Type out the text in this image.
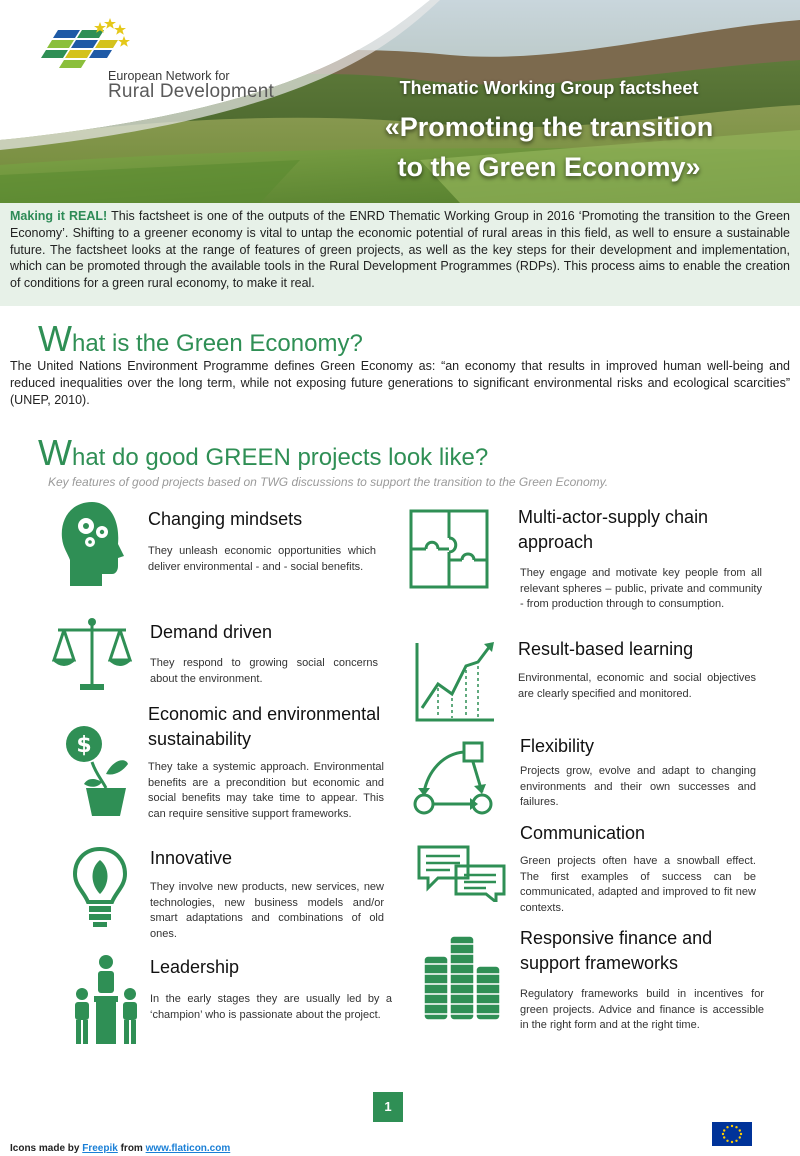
European Network for
Rural Development	Thematic Working Group factsheet
«Promoting the transition
to the Green Economy»
Making it REAL! This factsheet is one of the outputs of the ENRD Thematic Working Group in 2016 ‘Promoting the transition to the Green Economy’. Shifting to a greener economy is vital to untap the economic potential of rural areas in this field, as well to ensure a sustainable future. The factsheet looks at the range of features of green projects, as well as the key steps for their development and implementation, which can be promoted through the available tools in the Rural Development Programmes (RDPs). This process aims to enable the creation of conditions for a green rural economy, to make it real.
What is the Green Economy?
The United Nations Environment Programme defines Green Economy as: “an economy that results in improved human well-being and reduced inequalities over the long term, while not exposing future generations to significant environmental risks and ecological scarcities” (UNEP, 2010).
What do good GREEN projects look like?
Key features of good projects based on TWG discussions to support the transition to the Green Economy.
Changing mindsets
They unleash economic opportunities which deliver environmental - and - social benefits.
Demand driven
They respond to growing social concerns about the environment.
$
Economic and environmental sustainability
They take a systemic approach. Environmental benefits are a precondition but economic and social benefits may take time to appear. This can require sensitive support frameworks.
Innovative
They involve new products, new services, new technologies, new business models and/or smart adaptations and combinations of old ones.
Leadership
In the early stages they are usually led by a ‘champion’ who is passionate about the project.
Multi-actor-supply chain approach
They engage and motivate key people from all relevant spheres – public, private and community - from production through to consumption.
Result-based learning
Environmental, economic and social objectives are clearly specified and monitored.
Flexibility
Projects grow, evolve and adapt to changing environments and their own successes and failures.
Communication
Green projects often have a snowball effect. The first examples of success can be communicated, adapted and improved to fit new contexts.
Responsive finance and support frameworks
Regulatory frameworks build in incentives for green projects. Advice and finance is accessible in the right form and at the right time.
1
Icons made by Freepik from www.flaticon.com
